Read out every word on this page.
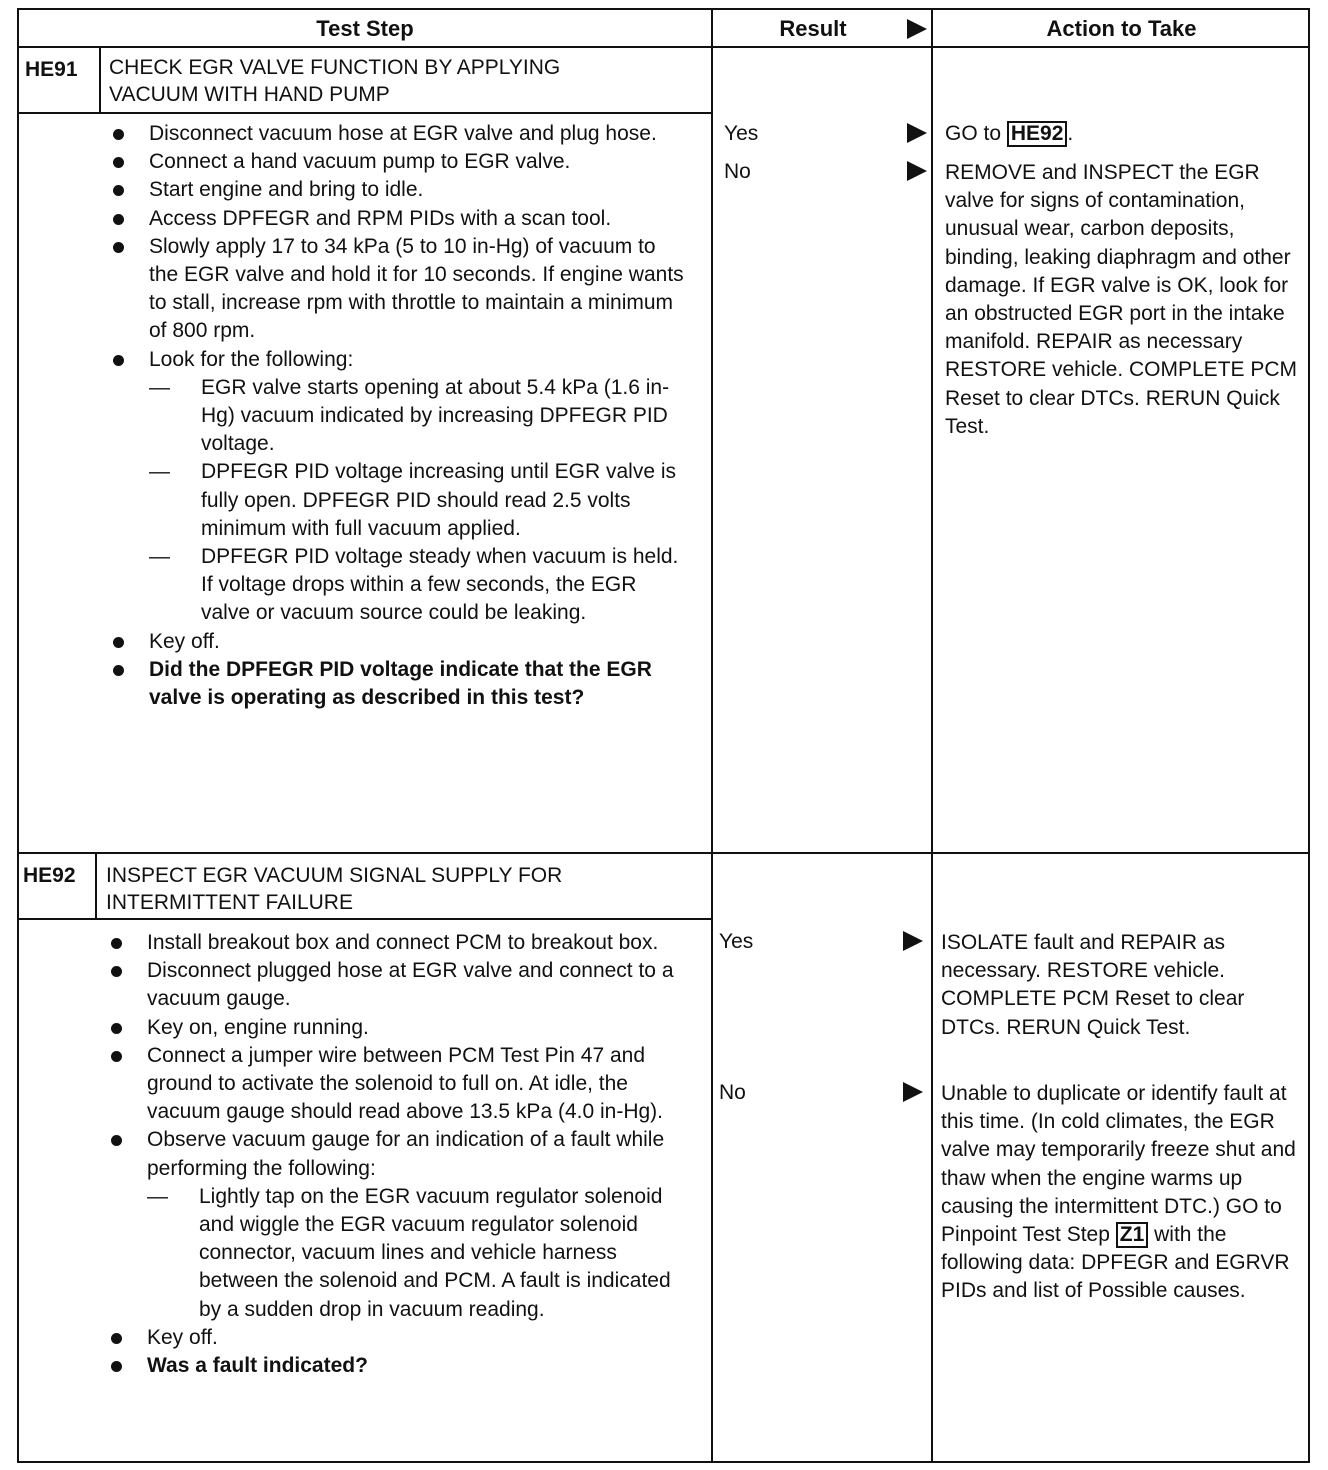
Test Step	Result	Action to Take
HE91 CHECK EGR VALVE FUNCTION BY APPLYING
VACUUM WITH HAND PUMP
Disconnect vacuum hose at EGR valve and plug hose.
Connect a hand vacuum pump to EGR valve.
Start engine and bring to idle.
Access DPFEGR and RPM PIDs with a scan tool.
Slowly apply 17 to 34 kPa (5 to 10 in-Hg) of vacuum to the EGR valve and hold it for 10 seconds. If engine wants to stall, increase rpm with throttle to maintain a minimum of 800 rpm.
Look for the following:
— EGR valve starts opening at about 5.4 kPa (1.6 in-Hg) vacuum indicated by increasing DPFEGR PID voltage.
— DPFEGR PID voltage increasing until EGR valve is fully open. DPFEGR PID should read 2.5 volts minimum with full vacuum applied.
— DPFEGR PID voltage steady when vacuum is held. If voltage drops within a few seconds, the EGR valve or vacuum source could be leaking.
Key off.
Did the DPFEGR PID voltage indicate that the EGR valve is operating as described in this test?
Yes
No
GO to HE92 .
REMOVE and INSPECT the EGR valve for signs of contamination, unusual wear, carbon deposits, binding, leaking diaphragm and other damage. If EGR valve is OK, look for an obstructed EGR port in the intake manifold. REPAIR as necessary RESTORE vehicle. COMPLETE PCM Reset to clear DTCs. RERUN Quick Test.
HE92 INSPECT EGR VACUUM SIGNAL SUPPLY FOR
INTERMITTENT FAILURE
Install breakout box and connect PCM to breakout box.
Disconnect plugged hose at EGR valve and connect to a vacuum gauge.
Key on, engine running.
Connect a jumper wire between PCM Test Pin 47 and ground to activate the solenoid to full on. At idle, the vacuum gauge should read above 13.5 kPa (4.0 in-Hg).
Observe vacuum gauge for an indication of a fault while performing the following:
— Lightly tap on the EGR vacuum regulator solenoid and wiggle the EGR vacuum regulator solenoid connector, vacuum lines and vehicle harness between the solenoid and PCM. A fault is indicated by a sudden drop in vacuum reading.
Key off.
Was a fault indicated?
Yes
No
ISOLATE fault and REPAIR as necessary. RESTORE vehicle. COMPLETE PCM Reset to clear DTCs. RERUN Quick Test.
Unable to duplicate or identify fault at this time. (In cold climates, the EGR valve may temporarily freeze shut and thaw when the engine warms up causing the intermittent DTC.) GO to Pinpoint Test Step Z1 with the following data: DPFEGR and EGRVR PIDs and list of Possible causes.
